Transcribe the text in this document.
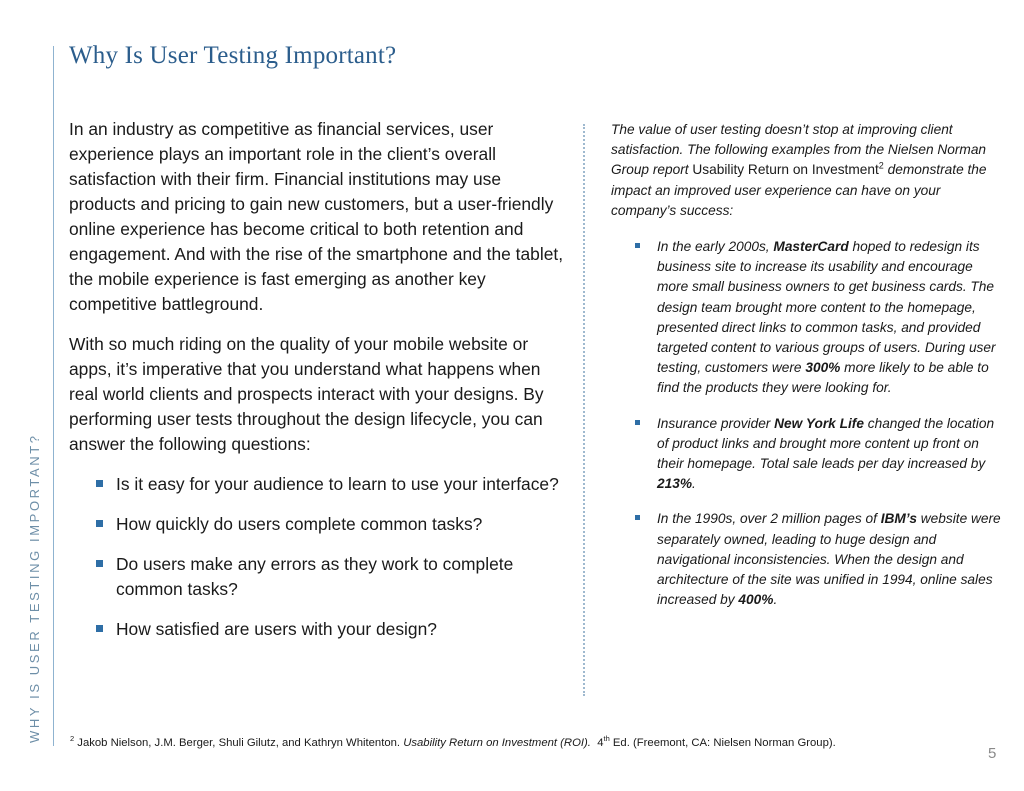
WHY IS USER TESTING IMPORTANT?
Why Is User Testing Important?

In an industry as competitive as financial services, user experience plays an important role in the client’s overall satisfaction with their firm. Financial institutions may use products and pricing to gain new customers, but a user-friendly online experience has become critical to both retention and engagement. And with the rise of the smartphone and the tablet, the mobile experience is fast emerging as another key competitive battleground.

With so much riding on the quality of your mobile website or apps, it’s imperative that you understand what happens when real world clients and prospects interact with your designs. By performing user tests throughout the design lifecycle, you can answer the following questions:

Is it easy for your audience to learn to use your interface?
How quickly do users complete common tasks?
Do users make any errors as they work to complete common tasks?
How satisfied are users with your design?

The value of user testing doesn’t stop at improving client satisfaction. The following examples from the Nielsen Norman Group report Usability Return on Investment$^2$ demonstrate the impact an improved user experience can have on your company’s success:

In the early 2000s, MasterCard hoped to redesign its business site to increase its usability and encourage more small business owners to get business cards. The design team brought more content to the homepage, presented direct links to common tasks, and provided targeted content to various groups of users. During user testing, customers were 300% more likely to be able to find the products they were looking for.
Insurance provider New York Life changed the location of product links and brought more content up front on their homepage. Total sale leads per day increased by 213%.
In the 1990s, over 2 million pages of IBM’s website were separately owned, leading to huge design and navigational inconsistencies. When the design and architecture of the site was unified in 1994, online sales increased by 400%.
$^2$ Jakob Nielson, J.M. Berger, Shuli Gilutz, and Kathryn Whitenton. Usability Return on Investment (ROI).  4th Ed. (Freemont, CA: Nielsen Norman Group).
5
